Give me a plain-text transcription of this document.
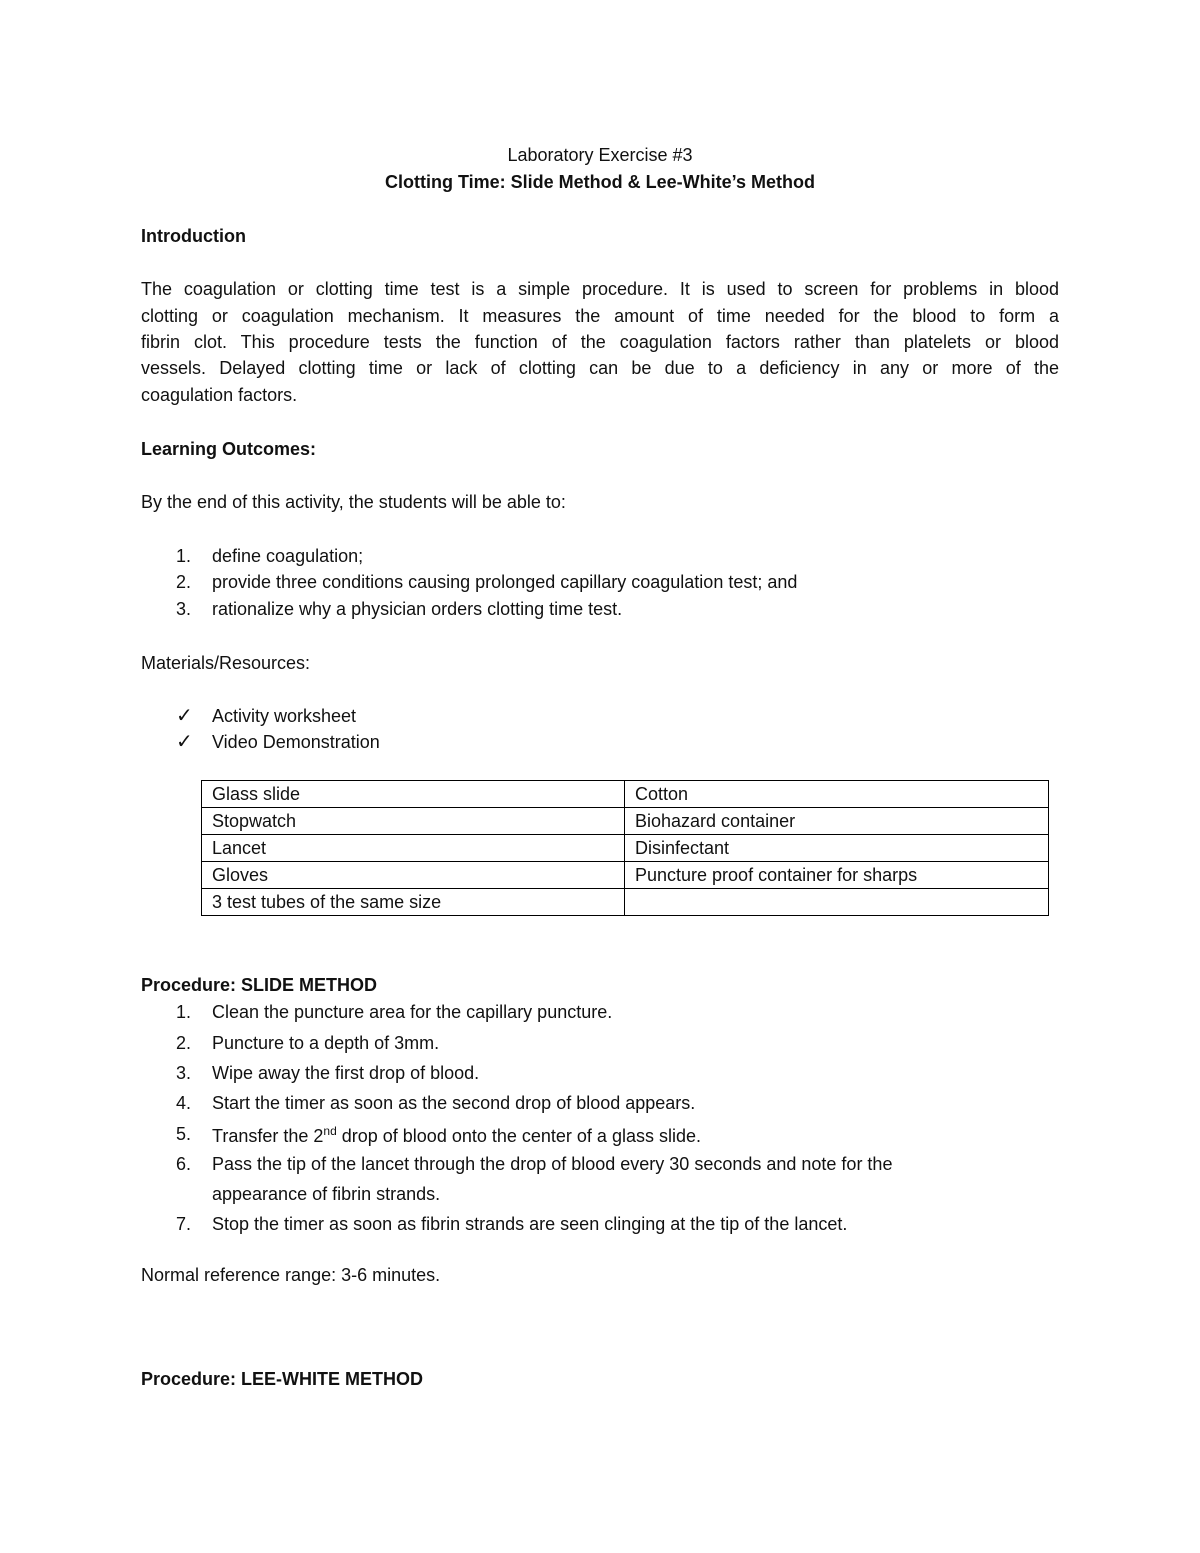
Laboratory Exercise #3
Clotting Time: Slide Method & Lee-White’s Method
Introduction
The coagulation or clotting time test is a simple procedure. It is used to screen for problems in blood
clotting or coagulation mechanism. It measures the amount of time needed for the blood to form a
fibrin clot. This procedure tests the function of the coagulation factors rather than platelets or blood
vessels. Delayed clotting time or lack of clotting can be due to a deficiency in any or more of the
coagulation factors.
Learning Outcomes:
By the end of this activity, the students will be able to:
1.	define coagulation;
2.	provide three conditions causing prolonged capillary coagulation test; and
3.	rationalize why a physician orders clotting time test.
Materials/Resources:
✓ Activity worksheet
✓ Video Demonstration
Glass slide	Cotton
Stopwatch	Biohazard container
Lancet	Disinfectant
Gloves	Puncture proof container for sharps
3 test tubes of the same size	
Procedure: SLIDE METHOD
1.	Clean the puncture area for the capillary puncture.
2.	Puncture to a depth of 3mm.
3.	Wipe away the first drop of blood.
4.	Start the timer as soon as the second drop of blood appears.
5.	Transfer the 2nd drop of blood onto the center of a glass slide.
6.	Pass the tip of the lancet through the drop of blood every 30 seconds and note for the
appearance of fibrin strands.
7.	Stop the timer as soon as fibrin strands are seen clinging at the tip of the lancet.
Normal reference range: 3-6 minutes.
Procedure: LEE-WHITE METHOD
